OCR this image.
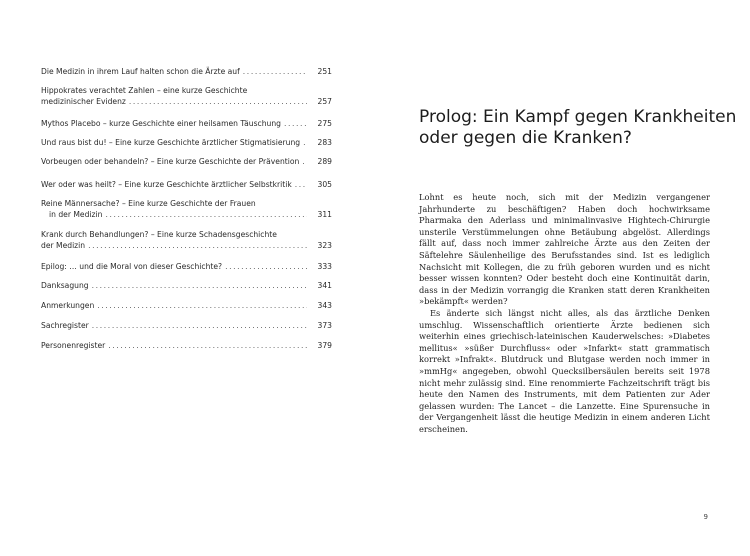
Die Medizin in ihrem Lauf halten schon die Ärzte auf .....	251
Hippokrates verachtet Zahlen – eine kurze Geschichte
medizinischer Evidenz .....	257
Mythos Placebo – kurze Geschichte einer heilsamen Täuschung .....	275
Und raus bist du! – Eine kurze Geschichte ärztlicher Stigmatisierung .....	283
Vorbeugen oder behandeln? – Eine kurze Geschichte der Prävention .....	289
Wer oder was heilt? – Eine kurze Geschichte ärztlicher Selbstkritik .....	305
Reine Männersache? – Eine kurze Geschichte der Frauen
in der Medizin .....	311
Krank durch Behandlungen? – Eine kurze Schadensgeschichte
der Medizin .....	323
Epilog: … und die Moral von dieser Geschichte? .....	333
Danksagung .....	341
Anmerkungen .....	343
Sachregister .....	373
Personenregister .....	379
Prolog: Ein Kampf gegen Krankheiten oder gegen die Kranken?

Lohnt es heute noch, sich mit der Medizin vergangener Jahrhunderte zu beschäftigen? Haben doch hochwirksame Pharmaka den Aderlass und minimalinvasive Hightech-Chirurgie unsterile Verstümmelungen ohne Betäubung abgelöst. Allerdings fällt auf, dass noch immer zahlreiche Ärzte aus den Zeiten der Säftelehre Säulenheilige des Berufsstandes sind. Ist es lediglich Nachsicht mit Kollegen, die zu früh geboren wurden und es nicht besser wissen konnten? Oder besteht doch eine Kontinuität darin, dass in der Medizin vorrangig die Kranken statt deren Krankheiten »bekämpft« werden?

Es änderte sich längst nicht alles, als das ärztliche Denken umschlug. Wissenschaftlich orientierte Ärzte bedienen sich weiterhin eines griechisch-lateinischen Kauderwelsches: »Diabetes mellitus« »süßer Durchfluss« oder »Infarkt« statt grammatisch korrekt »Infrakt«. Blutdruck und Blutgase werden noch immer in »mmHg« angegeben, obwohl Quecksilbersäulen bereits seit 1978 nicht mehr zulässig sind. Eine renommierte Fachzeitschrift trägt bis heute den Namen des Instruments, mit dem Patienten zur Ader gelassen wurden: The Lancet – die Lanzette. Eine Spurensuche in der Vergangenheit lässt die heutige Medizin in einem anderen Licht erscheinen.

9
